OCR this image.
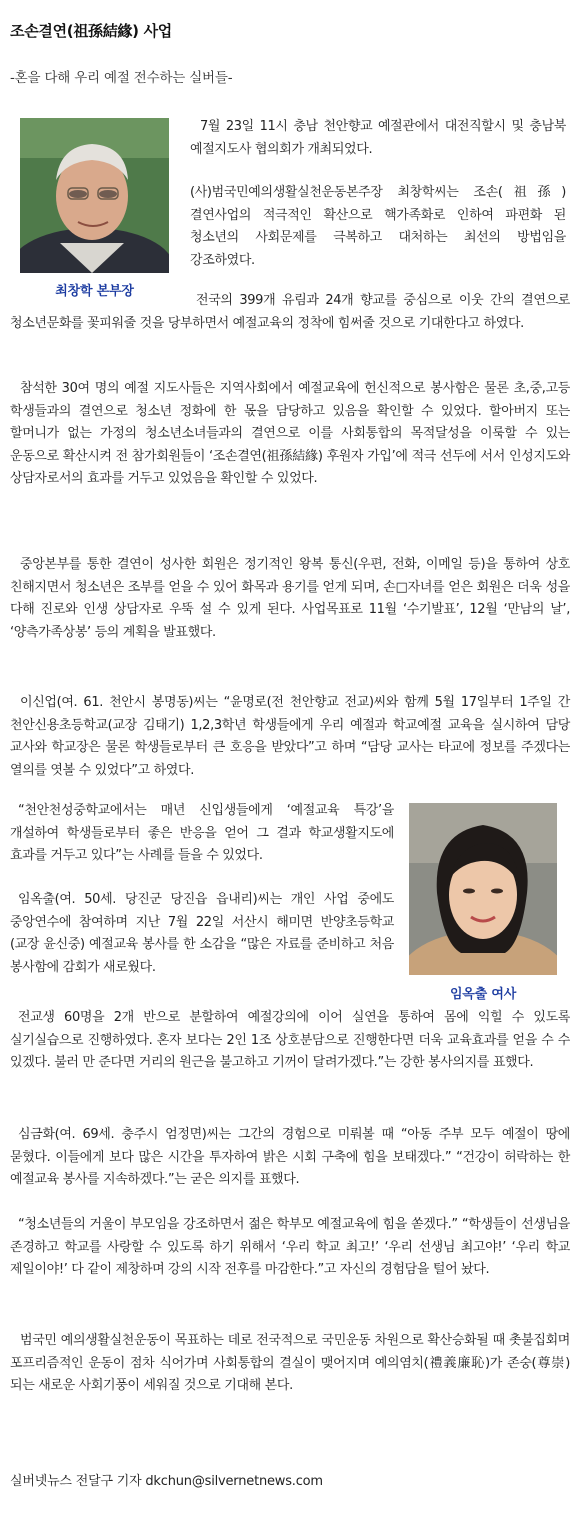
조손결연(祖孫結緣) 사업
-혼을 다해 우리 예절 전수하는 실버들-
최창학 본부장
임옥출 여사

7월 23일 11시 충남 천안향교 예절관에서 대전직할시 및 충남북 예절지도사 협의회가 개최되었다.

(사)범국민예의생활실천운동본주장 최창학씨는 조손(祖孫)결연사업의 적극적인 확산으로 핵가족화로 인하여 파편화 된 청소년의 사회문제를 극복하고 대처하는 최선의 방법임을 강조하였다.

전국의 399개 유림과 24개 향교를 중심으로 이웃 간의 결연으로 청소년문화를 꽃피워줄 것을 당부하면서 예절교육의 정착에 힘써줄 것으로 기대한다고 하였다.

참석한 30여 명의 예절 지도사들은 지역사회에서 예절교육에 헌신적으로 봉사함은 물론 초,중,고등 학생들과의 결연으로 청소년 정화에 한 몫을 담당하고 있음을 확인할 수 있었다. 할아버지 또는 할머니가 없는 가정의 청소년소녀들과의 결연으로 이를 사회통합의 목적달성을 이룩할 수 있는 운동으로 확산시켜 전 참가회원들이 ‘조손결연(祖孫結緣) 후원자 가입’에 적극 선두에 서서 인성지도와 상담자로서의 효과를 거두고 있었음을 확인할 수 있었다.

중앙본부를 통한 결연이 성사한 회원은 정기적인 왕복 통신(우편, 전화, 이메일 등)을 통하여 상호 친해지면서 청소년은 조부를 얻을 수 있어 화목과 용기를 얻게 되며, 손□자녀를 얻은 회원은 더욱 성을 다해 진로와 인생 상담자로 우뚝 설 수 있게 된다. 사업목표로 11월 ‘수기발표’, 12월 ‘만남의 날’, ‘양측가족상봉’ 등의 계획을 발표했다.

이신업(여. 61. 천안시 봉명동)씨는 “윤명로(전 천안향교 전교)씨와 함께 5월 17일부터 1주일 간 천안신용초등학교(교장 김태기) 1,2,3학년 학생들에게 우리 예절과 학교예절 교육을 실시하여 담당 교사와 학교장은 물론 학생들로부터 큰 호응을 받았다”고 하며 “담당 교사는 타교에 정보를 주겠다는 열의를 엿볼 수 있었다”고 하였다.

“천안천성중학교에서는 매년 신입생들에게 ‘예절교육 특강’을 개설하여 학생들로부터 좋은 반응을 얻어 그 결과 학교생활지도에 효과를 거두고 있다”는 사례를 들을 수 있었다.

임옥출(여. 50세. 당진군 당진읍 읍내리)씨는 개인 사업 중에도 중앙연수에 참여하며 지난 7월 22일 서산시 해미면 반양초등학교(교장 윤신중) 예절교육 봉사를 한 소감을 “많은 자료를 준비하고 처음 봉사함에 감회가 새로웠다.

전교생 60명을 2개 반으로 분할하여 예절강의에 이어 실연을 통하여 몸에 익힐 수 있도록 실기실습으로 진행하였다. 혼자 보다는 2인 1조 상호분담으로 진행한다면 더욱 교육효과를 얻을 수 수 있겠다. 불러 만 준다면 거리의 원근을 불고하고 기꺼이 달려가겠다.”는 강한 봉사의지를 표했다.

심금화(여. 69세. 충주시 엄정면)씨는 그간의 경험으로 미뤄볼 때 “아동 주부 모두 예절이 땅에 묻혔다. 이들에게 보다 많은 시간을 투자하여 밝은 시회 구축에 힘을 보태겠다.” “건강이 허락하는 한 예절교육 봉사를 지속하겠다.”는 굳은 의지를 표했다.

“청소년들의 거울이 부모임을 강조하면서 젊은 학부모 예절교육에 힘을 쏟겠다.” “학생들이 선생님을 존경하고 학교를 사랑할 수 있도록 하기 위해서 ‘우리 학교 최고!’ ‘우리 선생님 최고야!’ ‘우리 학교 제일이야!’ 다 같이 제창하며 강의 시작 전후를 마감한다.”고 자신의 경험담을 털어 놨다.

범국민 예의생활실천운동이 목표하는 데로 전국적으로 국민운동 차원으로 확산승화될 때 촛불집회며 포프리즘적인 운동이 점차 식어가며 사회통합의 결실이 맺어지며 예의염치(禮義廉恥)가 존숭(尊崇)되는 새로운 사회기풍이 세워질 것으로 기대해 본다.

실버넷뉴스 전달구 기자 dkchun@silvernetnews.com
